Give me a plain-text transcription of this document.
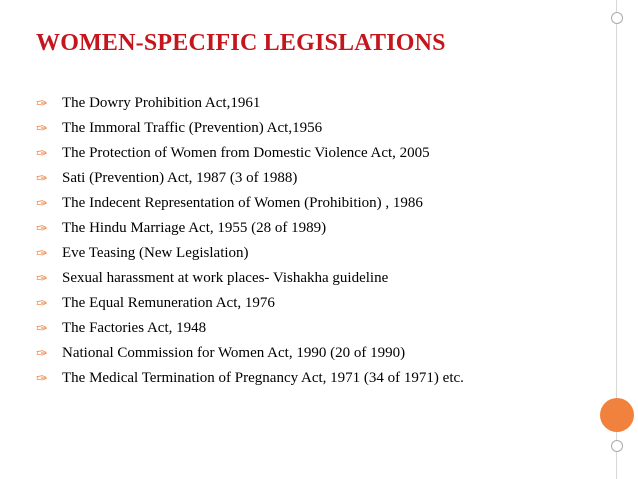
WOMEN-SPECIFIC LEGISLATIONS
✑ The Dowry Prohibition Act,1961
✑ The Immoral Traffic (Prevention) Act,1956
✑ The Protection of Women from Domestic Violence Act, 2005
✑ Sati (Prevention) Act, 1987 (3 of 1988)
✑ The Indecent Representation of Women (Prohibition) , 1986
✑ The Hindu Marriage Act, 1955 (28 of 1989)
✑ Eve Teasing (New Legislation)
✑ Sexual harassment at work places- Vishakha guideline
✑ The Equal Remuneration Act, 1976
✑ The Factories Act, 1948
✑ National Commission for Women Act, 1990 (20 of 1990)
✑ The Medical Termination of Pregnancy Act, 1971 (34 of 1971) etc.
